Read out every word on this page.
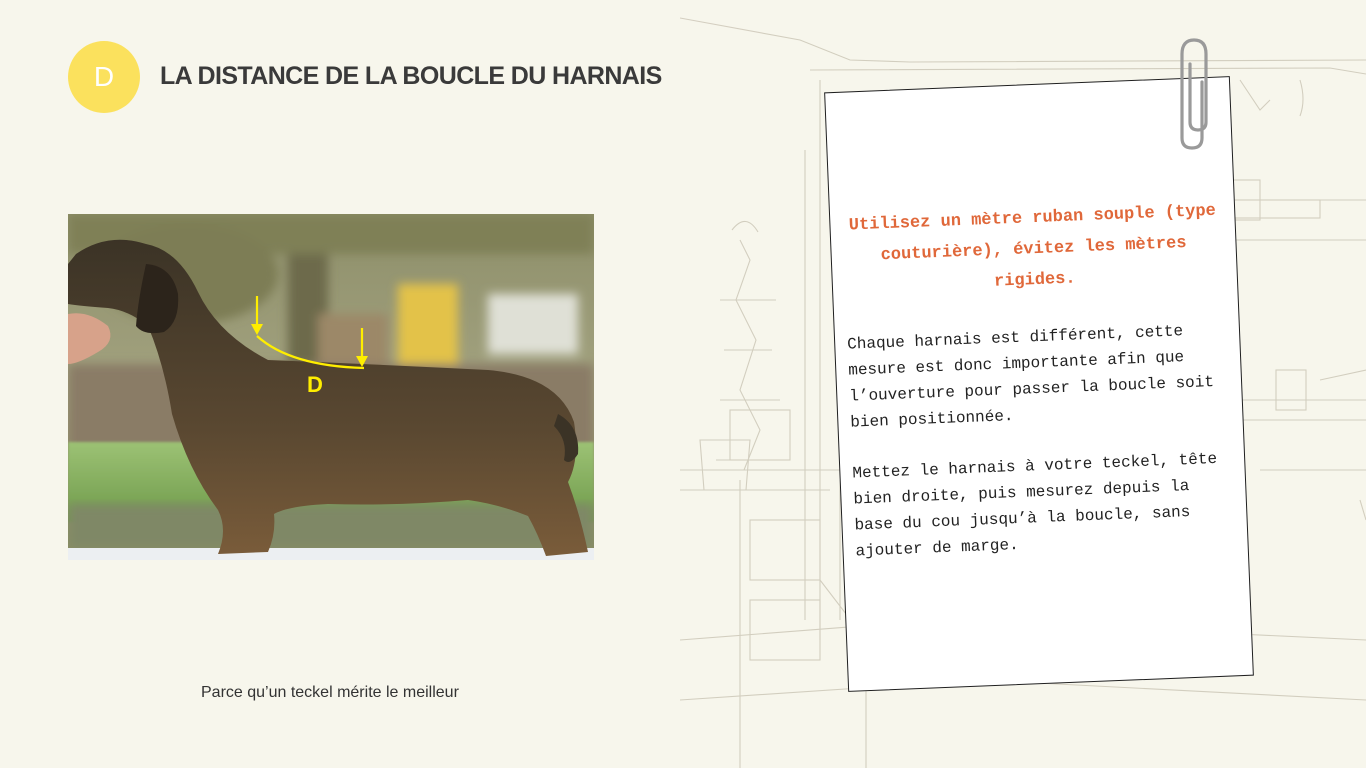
D LA DISTANCE DE LA BOUCLE DU HARNAIS
D
Parce qu’un teckel mérite le meilleur

Utilisez un mètre ruban souple (type couturière), évitez les mètres rigides.

Chaque harnais est différent, cette mesure est donc importante afin que l’ouverture pour passer la boucle soit bien positionnée.

Mettez le harnais à votre teckel, tête bien droite, puis mesurez depuis la base du cou jusqu’à la boucle, sans ajouter de marge.
